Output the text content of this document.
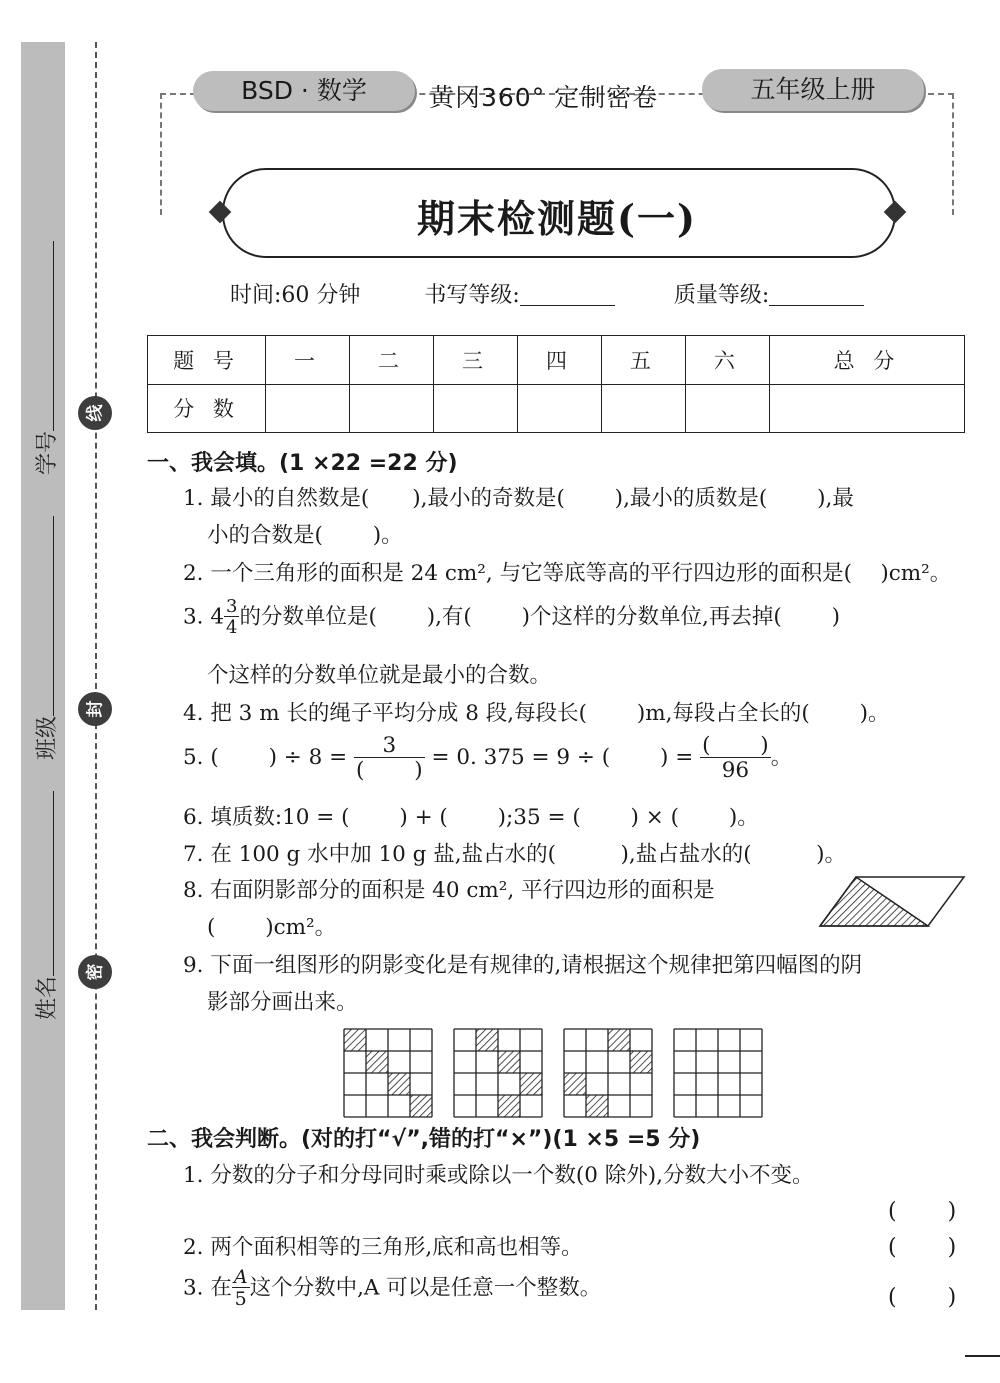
线
封
密
学号
班级
姓名
BSD · 数学	黄冈360° 定制密卷	五年级上册
期末检测题(一)
时间:60 分钟	书写等级:	质量等级:
题 号	一	二	三	四	五	六	总 分
分 数							
一、我会填。(1 ×22 =22 分)
1. 最小的自然数是(　　),最小的奇数是(　　 ),最小的质数是(　　 ),最
小的合数是(　　 )。
2. 一个三角形的面积是 24 cm², 与它等底等高的平行四边形的面积是(　 )cm²。
3. $4 \frac{3}{4}$ 的分数单位是(　　 ),有(　　 )个这样的分数单位,再去掉(　　 )
个这样的分数单位就是最小的合数。
4. 把 3 m 长的绳子平均分成 8 段,每段长(　　 )m,每段占全长的(　　 )。
5. (　　 ) ÷ $8 = \frac{3}{( )} = 0$. 375 = 9 ÷ (　　 ) = $\frac{( )}{96}$ 。
6. 填质数:10 = (　　 ) + (　　 );35 = (　　 ) × (　　 )。
7. 在 100 g 水中加 10 g 盐,盐占水的(　　　),盐占盐水的(　　　)。
8. 右面阴影部分的面积是 40 cm², 平行四边形的面积是
(　　 )cm²。
9. 下面一组图形的阴影变化是有规律的,请根据这个规律把第四幅图的阴
影部分画出来。
二、我会判断。(对的打“√”,错的打“×”)(1 ×5 =5 分)
1. 分数的分子和分母同时乘或除以一个数(0 除外),分数大小不变。
(　　 )
2. 两个面积相等的三角形,底和高也相等。	(　　 )
3. 在 $\frac{A}{5}$ 这个分数中,A 可以是任意一个整数。	(　　 )
